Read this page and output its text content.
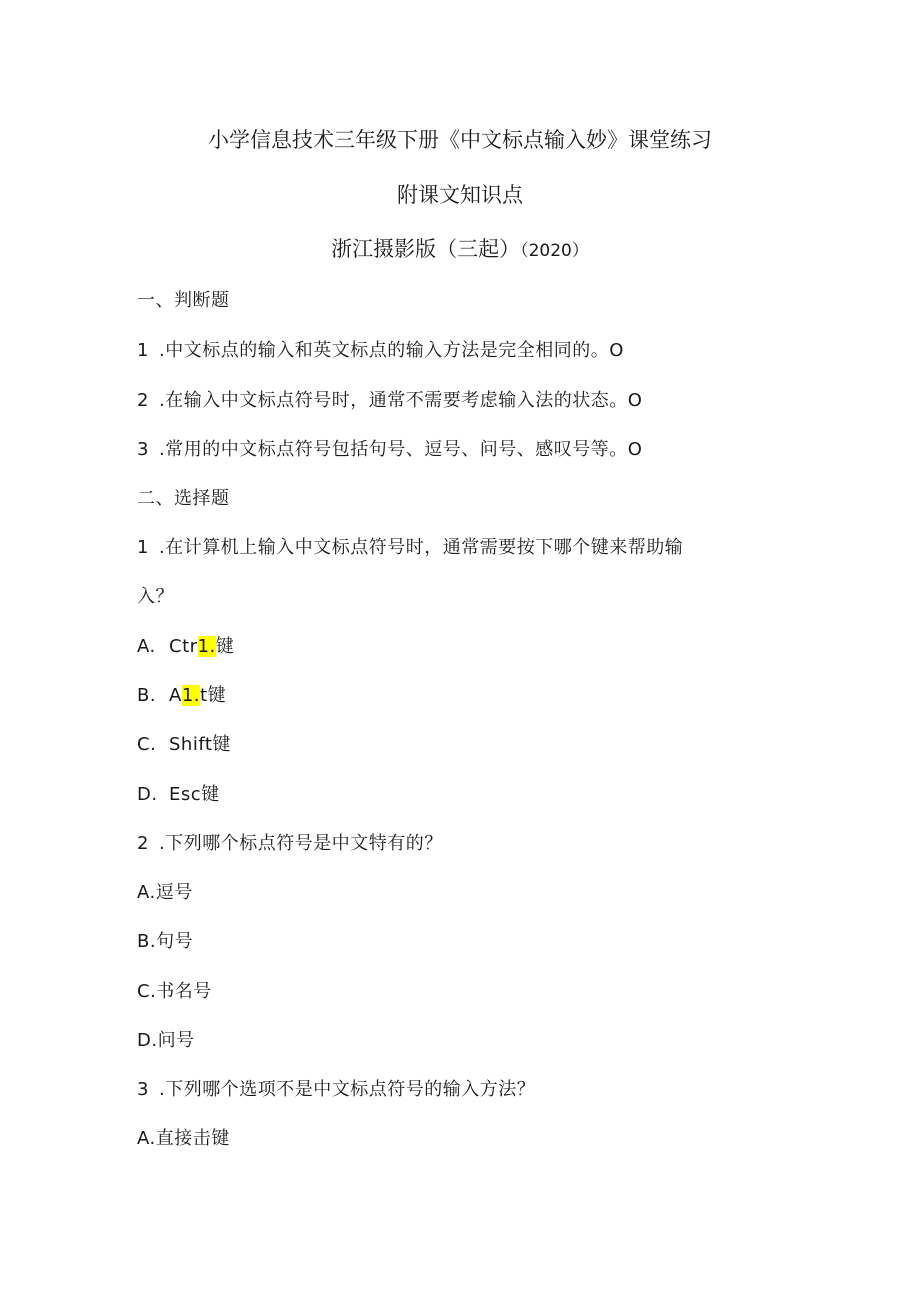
小学信息技术三年级下册《中文标点输入妙》课堂练习
附课文知识点
浙江摄影版（三起）（2020）
一、判断题
1 .中文标点的输入和英文标点的输入方法是完全相同的。O
2 .在输入中文标点符号时，通常不需要考虑输入法的状态。O
3 .常用的中文标点符号包括句号、逗号、问号、感叹号等。O
二、选择题
1 .在计算机上输入中文标点符号时，通常需要按下哪个键来帮助输
入？
A. Ctr1.键
B. A1.t键
C. Shift键
D. Esc键
2 .下列哪个标点符号是中文特有的？
A.逗号
B.句号
C.书名号
D.问号
3 .下列哪个选项不是中文标点符号的输入方法？
A.直接击键
